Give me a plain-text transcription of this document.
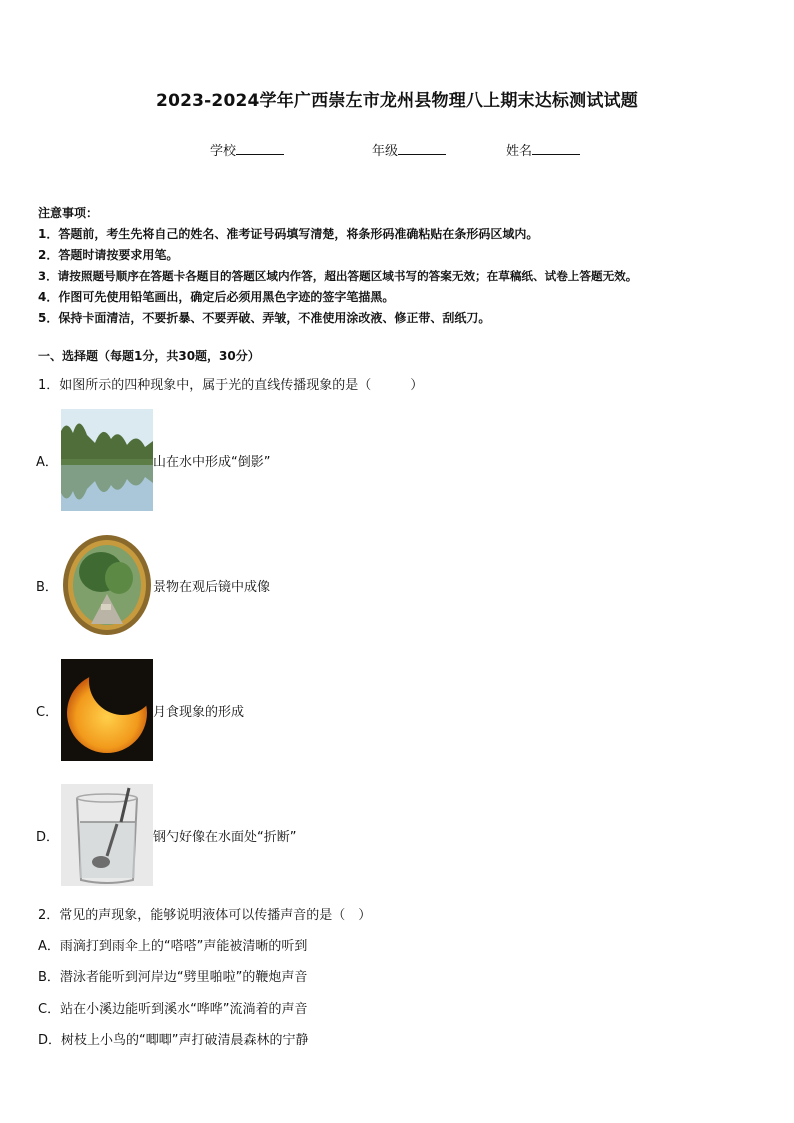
2023-2024学年广西崇左市龙州县物理八上期末达标测试试题
学校	年级	姓名
注意事项：
1．答题前，考生先将自己的姓名、准考证号码填写清楚，将条形码准确粘贴在条形码区域内。
2．答题时请按要求用笔。
3．请按照题号顺序在答题卡各题目的答题区域内作答，超出答题区域书写的答案无效；在草稿纸、试卷上答题无效。
4．作图可先使用铅笔画出，确定后必须用黑色字迹的签字笔描黑。
5．保持卡面清洁，不要折暴、不要弄破、弄皱，不准使用涂改液、修正带、刮纸刀。
一、选择题（每题1分，共30题，30分）
1．如图所示的四种现象中，属于光的直线传播现象的是（　　　）
A．	山在水中形成“倒影”
B．	景物在观后镜中成像
C．	月食现象的形成
D．	钢勺好像在水面处“折断”
2．常见的声现象，能够说明液体可以传播声音的是（　）
A．雨滴打到雨伞上的“嗒嗒”声能被清晰的听到
B．潜泳者能听到河岸边“劈里啪啦”的鞭炮声音
C．站在小溪边能听到溪水“哗哗”流淌着的声音
D．树枝上小鸟的“唧唧”声打破清晨森林的宁静
